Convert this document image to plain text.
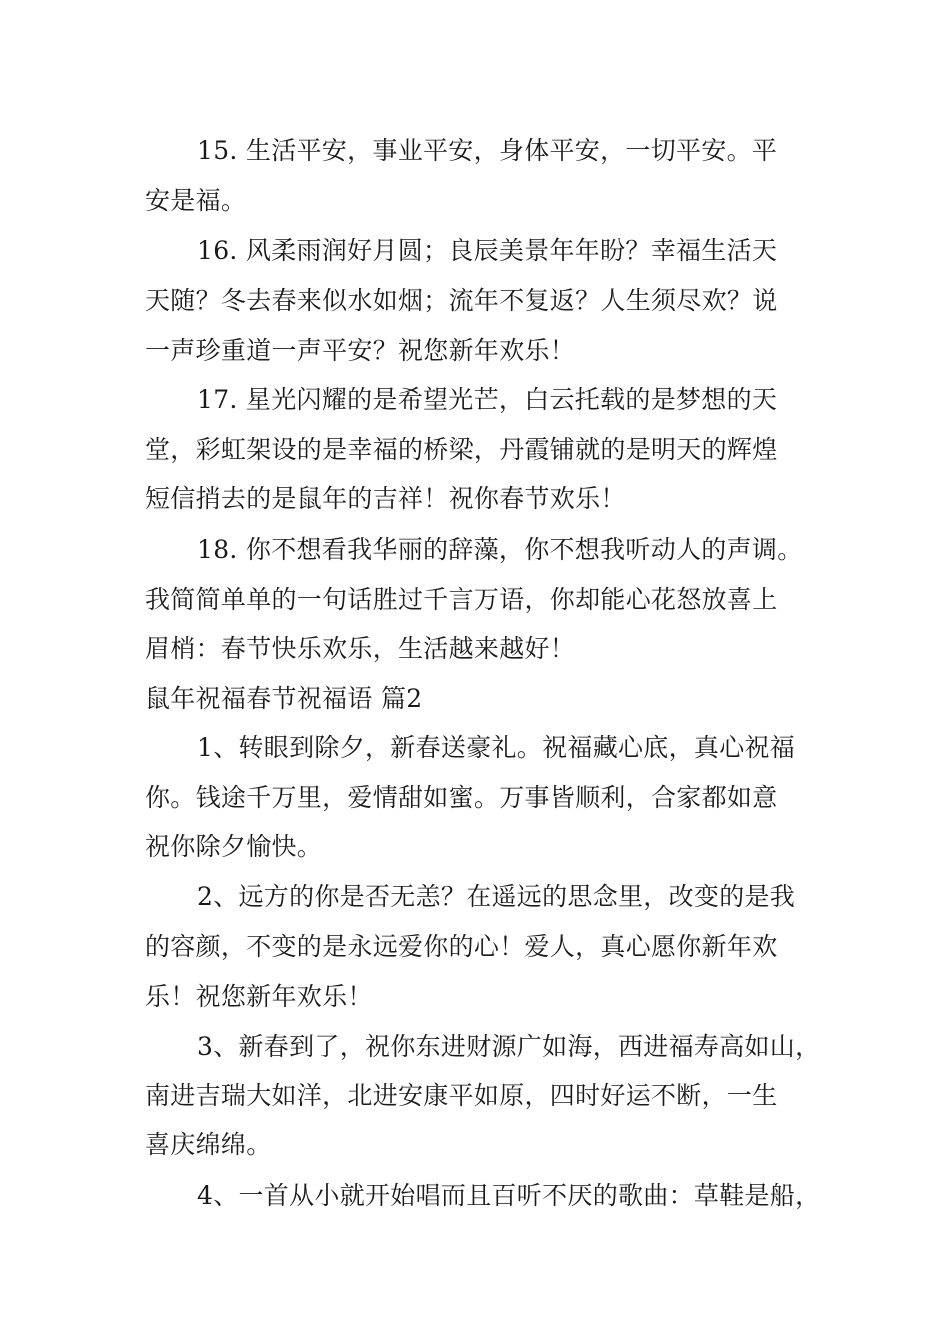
15. 生活平安，事业平安，身体平安，一切平安。平
安是福。
16. 风柔雨润好月圆；良辰美景年年盼？幸福生活天
天随？冬去春来似水如烟；流年不复返？人生须尽欢？说
一声珍重道一声平安？祝您新年欢乐！
17. 星光闪耀的是希望光芒，白云托载的是梦想的天
堂，彩虹架设的是幸福的桥梁，丹霞铺就的是明天的辉煌
短信捎去的是鼠年的吉祥！祝你春节欢乐！
18. 你不想看我华丽的辞藻，你不想我听动人的声调。
我简简单单的一句话胜过千言万语，你却能心花怒放喜上
眉梢：春节快乐欢乐，生活越来越好！
鼠年祝福春节祝福语 篇2
1、转眼到除夕，新春送豪礼。祝福藏心底，真心祝福
你。钱途千万里，爱情甜如蜜。万事皆顺利，合家都如意
祝你除夕愉快。
2、远方的你是否无恙？在遥远的思念里，改变的是我
的容颜，不变的是永远爱你的心！爱人，真心愿你新年欢
乐！祝您新年欢乐！
3、新春到了，祝你东进财源广如海，西进福寿高如山，
南进吉瑞大如洋，北进安康平如原，四时好运不断，一生
喜庆绵绵。
4、一首从小就开始唱而且百听不厌的歌曲：草鞋是船，
